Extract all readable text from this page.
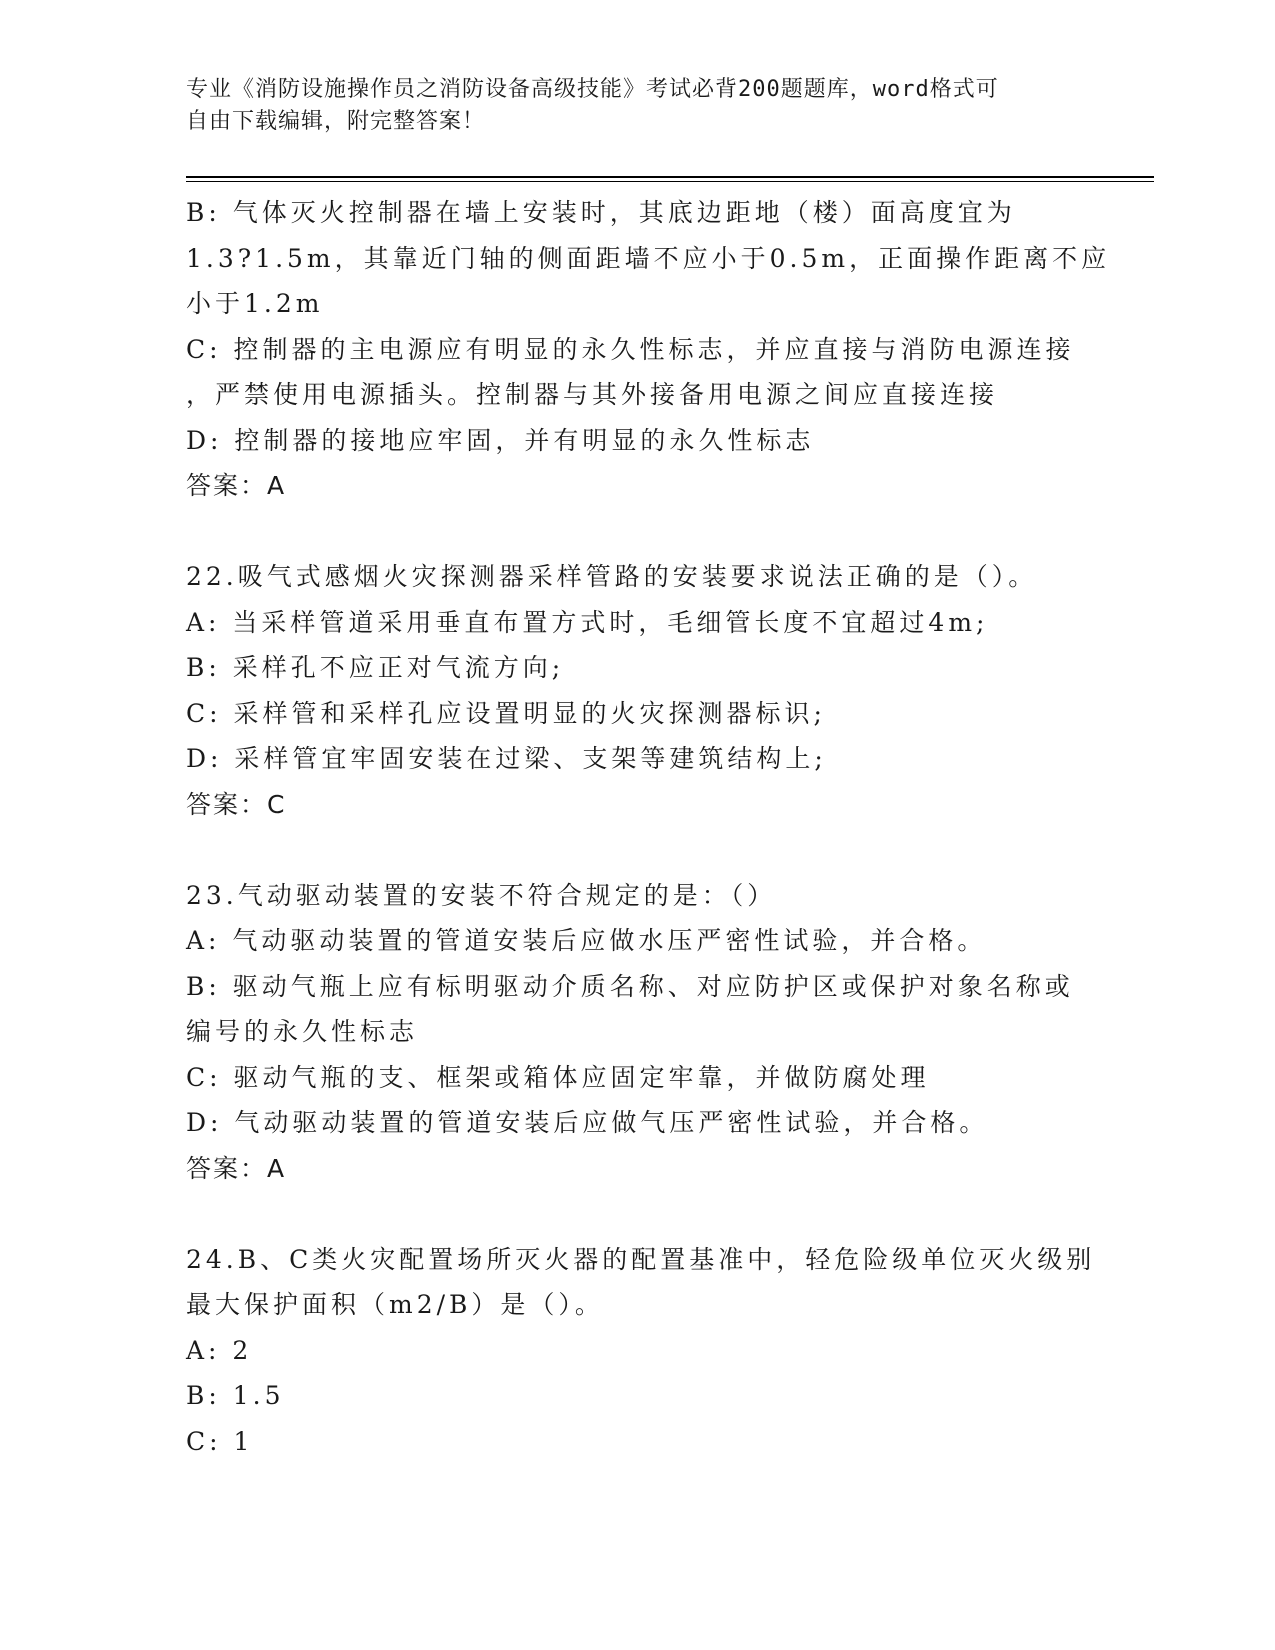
专业《消防设施操作员之消防设备高级技能》考试必背200题题库，word格式可
自由下载编辑，附完整答案！
B: 气体灭火控制器在墙上安装时，其底边距地（楼）面高度宜为
1.3?1.5m，其靠近门轴的侧面距墙不应小于0.5m，正面操作距离不应
小于1.2m
C: 控制器的主电源应有明显的永久性标志，并应直接与消防电源连接
，严禁使用电源插头。控制器与其外接备用电源之间应直接连接
D: 控制器的接地应牢固，并有明显的永久性标志
答案：A
22.吸气式感烟火灾探测器采样管路的安装要求说法正确的是（）。
A: 当采样管道采用垂直布置方式时，毛细管长度不宜超过4m;
B: 采样孔不应正对气流方向;
C: 采样管和采样孔应设置明显的火灾探测器标识;
D: 采样管宜牢固安装在过梁、支架等建筑结构上;
答案：C
23.气动驱动装置的安装不符合规定的是：（）
A: 气动驱动装置的管道安装后应做水压严密性试验，并合格。
B: 驱动气瓶上应有标明驱动介质名称、对应防护区或保护对象名称或
编号的永久性标志
C: 驱动气瓶的支、框架或箱体应固定牢靠，并做防腐处理
D: 气动驱动装置的管道安装后应做气压严密性试验，并合格。
答案：A
24.B、C类火灾配置场所灭火器的配置基准中，轻危险级单位灭火级别
最大保护面积（m2/B）是（）。
A: 2
B: 1.5
C: 1
